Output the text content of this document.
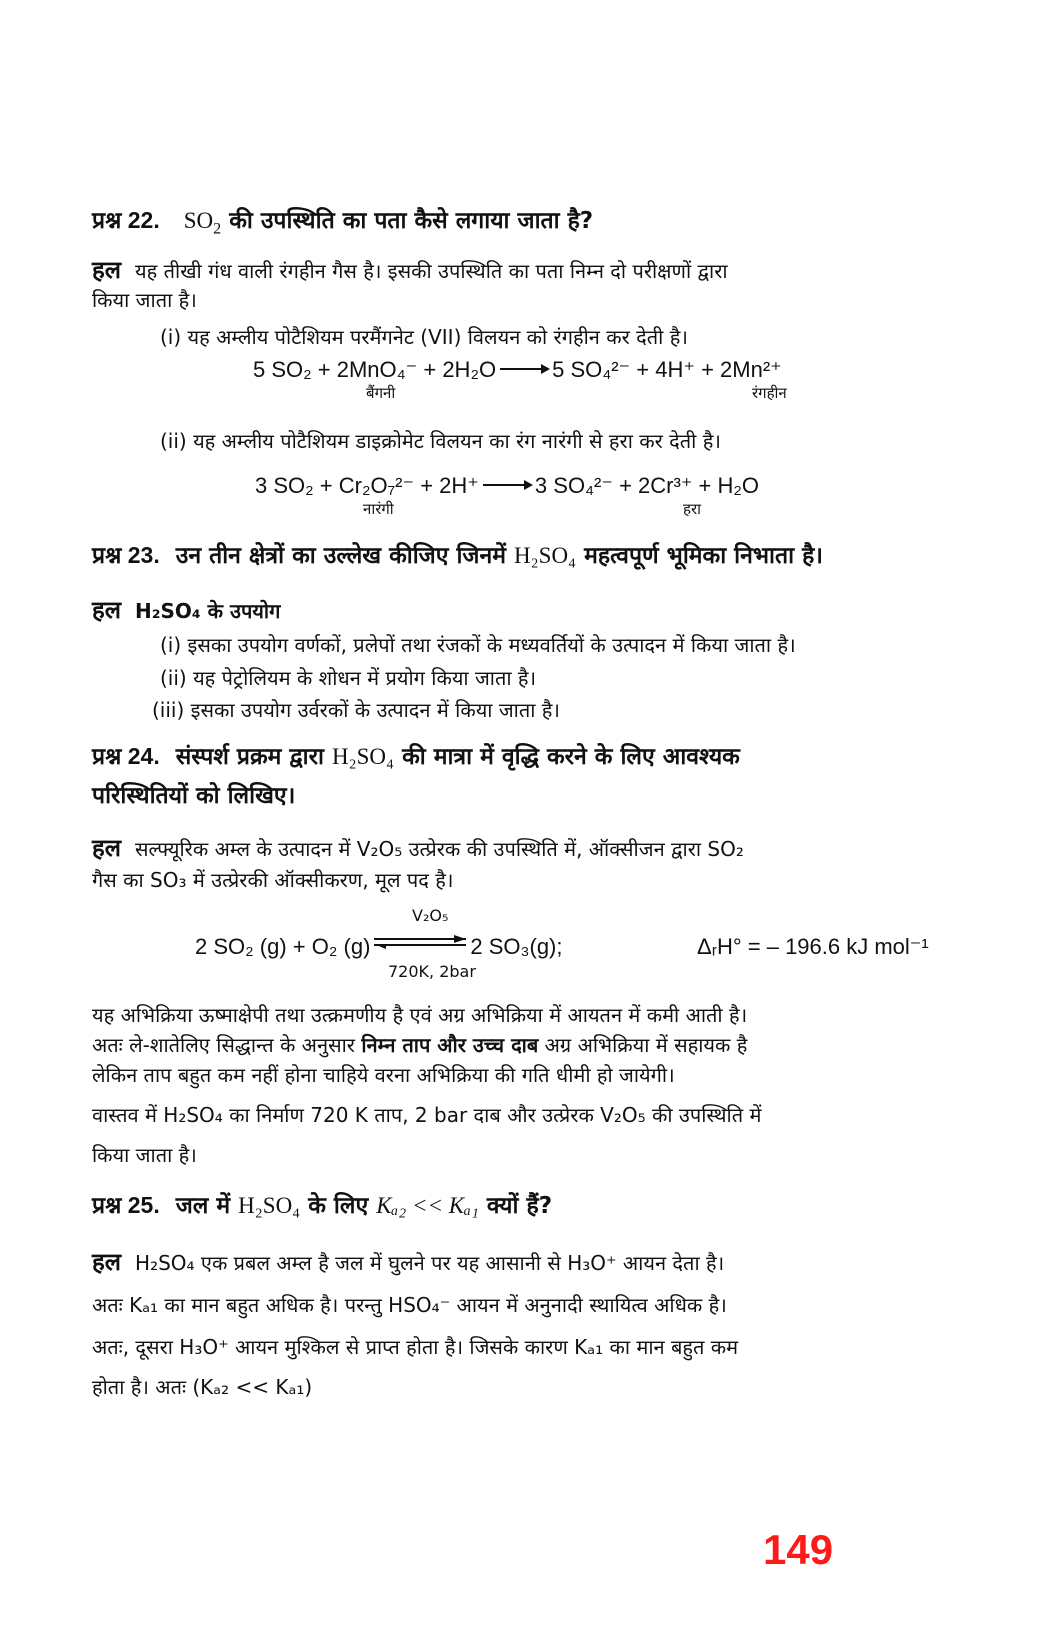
प्रश्न 22. $SO_2$ की उपस्थिति का पता कैसे लगाया जाता है?
हल यह तीखी गंध वाली रंगहीन गैस है। इसकी उपस्थिति का पता निम्न दो परीक्षणों द्वारा
किया जाता है।
(i) यह अम्लीय पोटैशियम परमैंगनेट (VII) विलयन को रंगहीन कर देती है।
5 SO₂ + 2MnO₄⁻ + 2H₂O → 5 SO₄²⁻ + 4H⁺ + 2Mn²⁺
बैंगनी	रंगहीन
(ii) यह अम्लीय पोटैशियम डाइक्रोमेट विलयन का रंग नारंगी से हरा कर देती है।
3 SO₂ + Cr₂O₇²⁻ + 2H⁺ → 3 SO₄²⁻ + 2Cr³⁺ + H₂O
नारंगी	हरा
प्रश्न 23. उन तीन क्षेत्रों का उल्लेख कीजिए जिनमें H₂SO₄ महत्वपूर्ण भूमिका निभाता है।
हल H₂SO₄ के उपयोग
(i) इसका उपयोग वर्णकों, प्रलेपों तथा रंजकों के मध्यवर्तियों के उत्पादन में किया जाता है।
(ii) यह पेट्रोलियम के शोधन में प्रयोग किया जाता है।
(iii) इसका उपयोग उर्वरकों के उत्पादन में किया जाता है।
प्रश्न 24. संस्पर्श प्रक्रम द्वारा H₂SO₄ की मात्रा में वृद्धि करने के लिए आवश्यक
परिस्थितियों को लिखिए।
हल सल्फ्यूरिक अम्ल के उत्पादन में V₂O₅ उत्प्रेरक की उपस्थिति में, ऑक्सीजन द्वारा SO₂
गैस का SO₃ में उत्प्रेरकी ऑक्सीकरण, मूल पद है।
V₂O₅
2 SO₂ (g) + O₂ (g)	2 SO₃(g);	ΔᵣH° = – 196.6 kJ mol⁻¹
720K, 2bar
यह अभिक्रिया ऊष्माक्षेपी तथा उत्क्रमणीय है एवं अग्र अभिक्रिया में आयतन में कमी आती है।
अतः ले-शातेलिए सिद्धान्त के अनुसार निम्न ताप और उच्च दाब अग्र अभिक्रिया में सहायक है
लेकिन ताप बहुत कम नहीं होना चाहिये वरना अभिक्रिया की गति धीमी हो जायेगी।
वास्तव में H₂SO₄ का निर्माण 720 K ताप, 2 bar दाब और उत्प्रेरक V₂O₅ की उपस्थिति में
किया जाता है।
प्रश्न 25. जल में H₂SO₄ के लिए Kₐ₂ << Kₐ₁ क्यों हैं?
हल H₂SO₄ एक प्रबल अम्ल है जल में घुलने पर यह आसानी से H₃O⁺ आयन देता है।
अतः Kₐ₁ का मान बहुत अधिक है। परन्तु HSO₄⁻ आयन में अनुनादी स्थायित्व अधिक है।
अतः, दूसरा H₃O⁺ आयन मुश्किल से प्राप्त होता है। जिसके कारण Kₐ₁ का मान बहुत कम
होता है। अतः (Kₐ₂ << Kₐ₁)
149
